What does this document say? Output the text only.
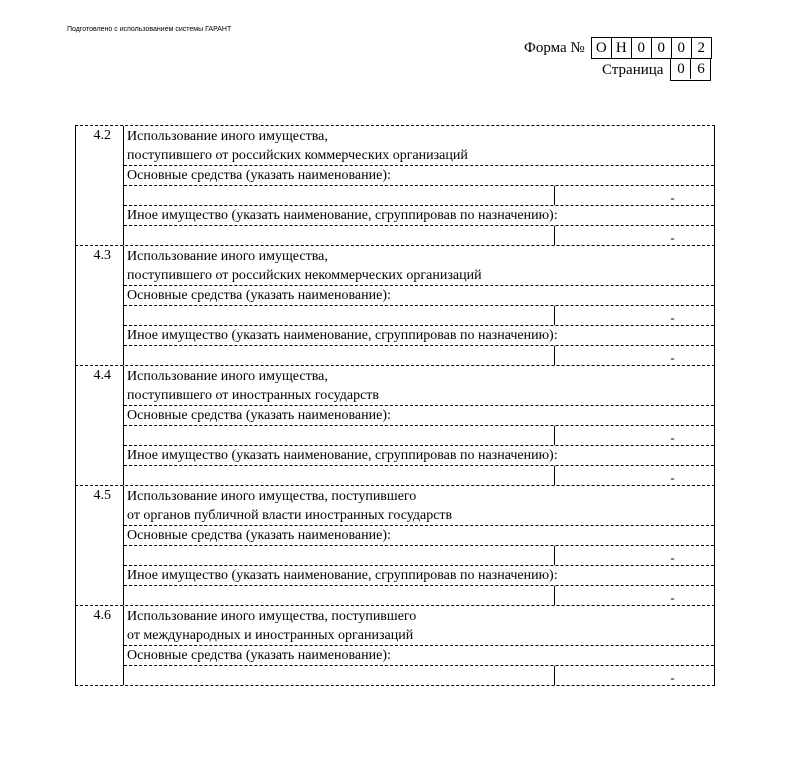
Подготовлено с использованием системы ГАРАНТ
Форма № О Н 0 0 0 2
Страница 0 6
4.2	Использование иного имущества,
поступившего от российских коммерческих организаций
Основные средства (указать наименование):
-
Иное имущество (указать наименование, сгруппировав по назначению):
-
4.3	Использование иного имущества,
поступившего от российских некоммерческих организаций
Основные средства (указать наименование):
-
Иное имущество (указать наименование, сгруппировав по назначению):
-
4.4	Использование иного имущества,
поступившего от иностранных государств
Основные средства (указать наименование):
-
Иное имущество (указать наименование, сгруппировав по назначению):
-
4.5	Использование иного имущества, поступившего
от органов публичной власти иностранных государств
Основные средства (указать наименование):
-
Иное имущество (указать наименование, сгруппировав по назначению):
-
4.6	Использование иного имущества, поступившего
от международных и иностранных организаций
Основные средства (указать наименование):
-
